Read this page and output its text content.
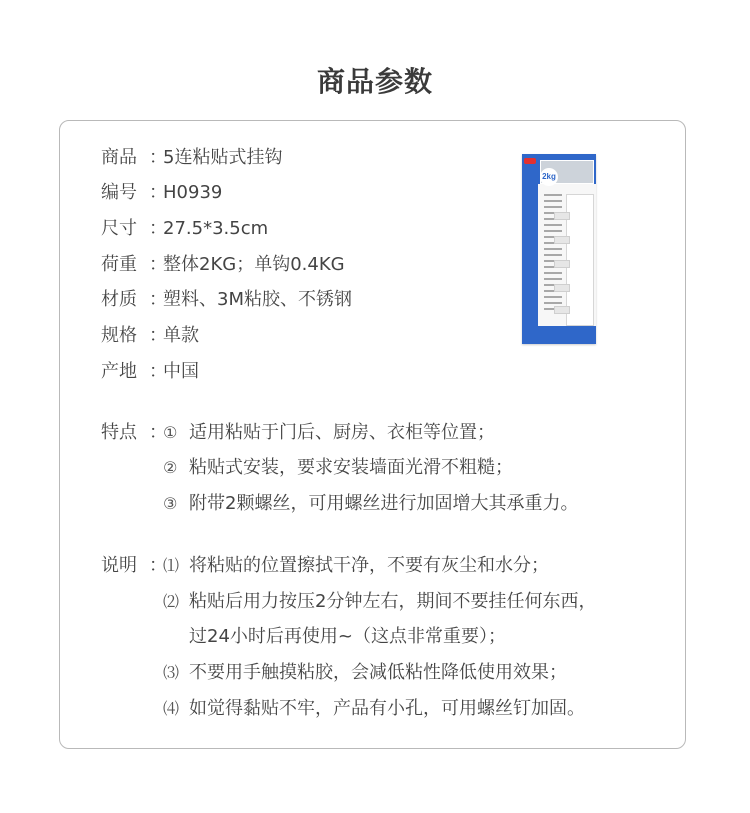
商品参数
商品 ：5连粘贴式挂钩
编号 ：H0939
尺寸 ：27.5*3.5cm
荷重 ：整体2KG；单钩0.4KG
材质 ：塑料、3M粘胶、不锈钢
规格 ：单款
产地 ：中国
特点 ：① 适用粘贴于门后、厨房、衣柜等位置；
② 粘贴式安装，要求安装墙面光滑不粗糙；
③ 附带2颗螺丝，可用螺丝进行加固增大其承重力。
说明 ：⑴ 将粘贴的位置擦拭干净，不要有灰尘和水分；
⑵ 粘贴后用力按压2分钟左右，期间不要挂任何东西，
过24小时后再使用~（这点非常重要）；
⑶ 不要用手触摸粘胶，会减低粘性降低使用效果；
⑷ 如觉得黏贴不牢，产品有小孔，可用螺丝钉加固。
2kg
